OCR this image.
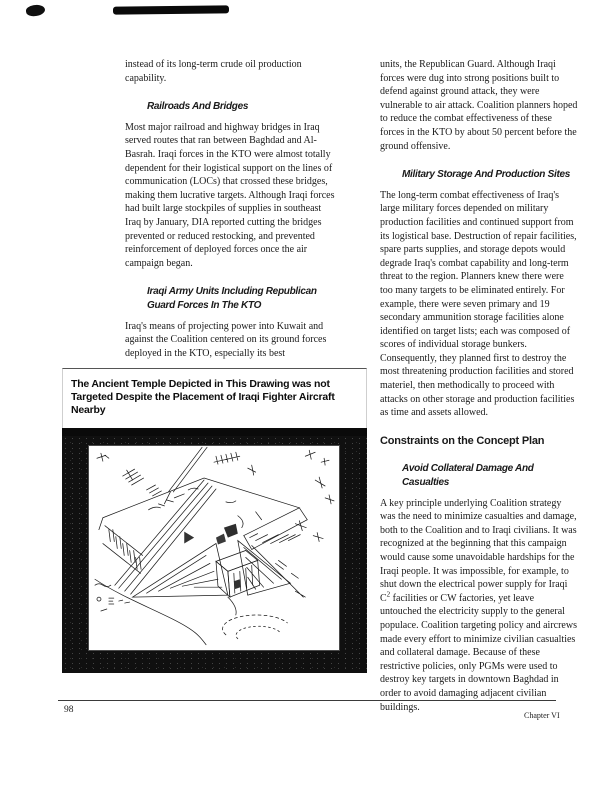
instead of its long-term crude oil production capability.

Railroads And Bridges

Most major railroad and highway bridges in Iraq served routes that ran between Baghdad and Al-Basrah. Iraqi forces in the KTO were almost totally dependent for their logistical support on the lines of communication (LOCs) that crossed these bridges, making them lucrative targets. Although Iraqi forces had built large stockpiles of supplies in southeast Iraq by January, DIA reported cutting the bridges prevented or reduced restocking, and prevented reinforcement of deployed forces once the air campaign began.

Iraqi Army Units Including Republican Guard Forces In The KTO

Iraq's means of projecting power into Kuwait and against the Coalition centered on its ground forces deployed in the KTO, especially its best

units, the Republican Guard. Although Iraqi forces were dug into strong positions built to defend against ground attack, they were vulnerable to air attack. Coalition planners hoped to reduce the combat effectiveness of these forces in the KTO by about 50 percent before the ground offensive.

Military Storage And Production Sites

The long-term combat effectiveness of Iraq's large military forces depended on military production facilities and continued support from its logistical base. Destruction of repair facilities, spare parts supplies, and storage depots would degrade Iraq's combat capability and long-term threat to the region. Planners knew there were too many targets to be eliminated entirely. For example, there were seven primary and 19 secondary ammunition storage facilities alone identified on target lists; each was composed of scores of individual storage bunkers. Consequently, they planned first to destroy the most threatening production facilities and stored materiel, then methodically to proceed with attacks on other storage and production facilities as time and assets allowed.

Constraints on the Concept Plan
Avoid Collateral Damage And Casualties

A key principle underlying Coalition strategy was the need to minimize casualties and damage, both to the Coalition and to Iraqi civilians. It was recognized at the beginning that this campaign would cause some unavoidable hardships for the Iraqi people. It was impossible, for example, to shut down the electrical power supply for Iraqi $C^2$ facilities or CW factories, yet leave untouched the electricity supply to the general populace. Coalition targeting policy and aircrews made every effort to minimize civilian casualties and collateral damage. Because of these restrictive policies, only PGMs were used to destroy key targets in downtown Baghdad in order to avoid damaging adjacent civilian buildings.

The Ancient Temple Depicted in This Drawing was not Targeted Despite the Placement of Iraqi Fighter Aircraft Nearby
98
Chapter VI
